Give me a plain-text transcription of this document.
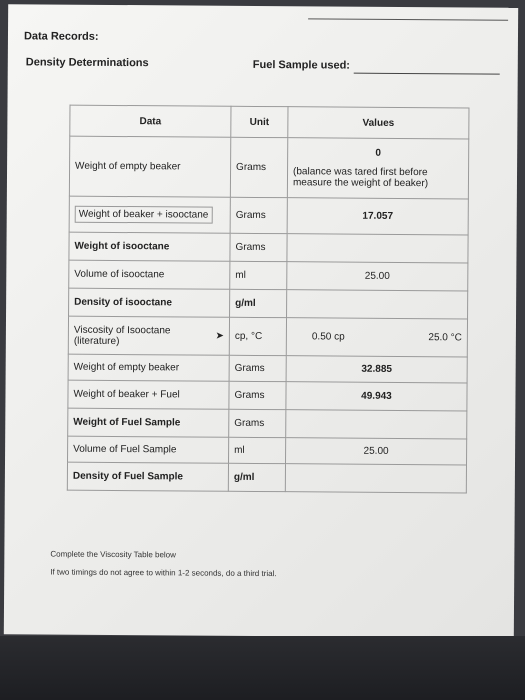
Data Records:
Density Determinations	Fuel Sample used:
Data	Unit	Values
Weight of empty beaker	Grams	0
(balance was tared first before measure the weight of beaker)

Weight of beaker + isooctane	Grams	17.057
Weight of isooctane	Grams	
Volume of isooctane	ml	25.00
Density of isooctane	g/ml	

Viscosity of Isooctane (literature) ➤	cp, °C	0.50 cp 25.0 °C

Weight of empty beaker	Grams	32.885
Weight of beaker + Fuel	Grams	49.943
Weight of Fuel Sample	Grams	
Volume of Fuel Sample	ml	25.00
Density of Fuel Sample	g/ml	
Complete the Viscosity Table below
If two timings do not agree to within 1-2 seconds, do a third trial.
